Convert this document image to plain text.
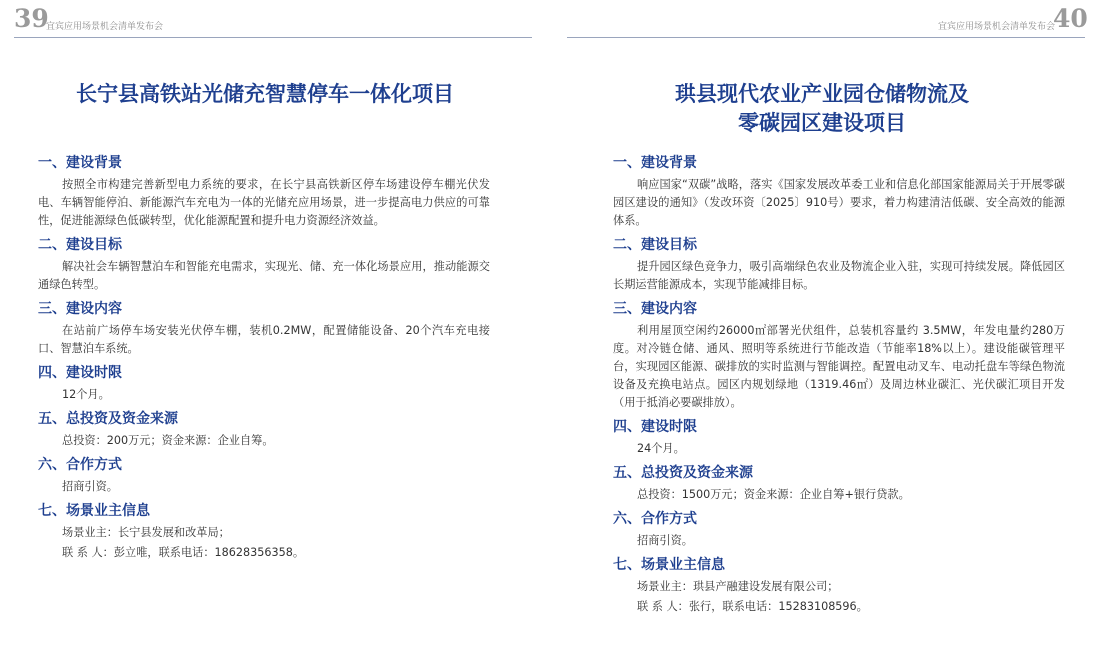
39
宜宾应用场景机会清单发布会
长宁县高铁站光储充智慧停车一体化项目

一、建设背景

按照全市构建完善新型电力系统的要求，在长宁县高铁新区停车场建设停车棚光伏发电、车辆智能停泊、新能源汽车充电为一体的光储充应用场景，进一步提高电力供应的可靠性，促进能源绿色低碳转型，优化能源配置和提升电力资源经济效益。

二、建设目标

解决社会车辆智慧泊车和智能充电需求，实现光、储、充一体化场景应用，推动能源交通绿色转型。

三、建设内容

在站前广场停车场安装光伏停车棚，装机0.2MW，配置储能设备、20个汽车充电接口、智慧泊车系统。

四、建设时限

12个月。

五、总投资及资金来源

总投资：200万元；资金来源：企业自筹。

六、合作方式

招商引资。

七、场景业主信息

场景业主：长宁县发展和改革局；

联 系 人：彭立唯，联系电话：18628356358。

宜宾应用场景机会清单发布会
40
珙县现代农业产业园仓储物流及
零碳园区建设项目

一、建设背景

响应国家“双碳”战略，落实《国家发展改革委工业和信息化部国家能源局关于开展零碳园区建设的通知》（发改环资〔2025〕910号）要求，着力构建清洁低碳、安全高效的能源体系。

二、建设目标

提升园区绿色竞争力，吸引高端绿色农业及物流企业入驻，实现可持续发展。降低园区长期运营能源成本，实现节能减排目标。

三、建设内容

利用屋顶空闲约26000㎡部署光伏组件，总装机容量约 3.5MW，年发电量约280万度。对冷链仓储、通风、照明等系统进行节能改造（节能率18%以上）。建设能碳管理平台，实现园区能源、碳排放的实时监测与智能调控。配置电动叉车、电动托盘车等绿色物流设备及充换电站点。园区内规划绿地（1319.46㎡）及周边林业碳汇、光伏碳汇项目开发（用于抵消必要碳排放）。

四、建设时限

24个月。

五、总投资及资金来源

总投资：1500万元；资金来源：企业自筹+银行贷款。

六、合作方式

招商引资。

七、场景业主信息

场景业主：珙县产融建设发展有限公司；

联 系 人：张行，联系电话：15283108596。
